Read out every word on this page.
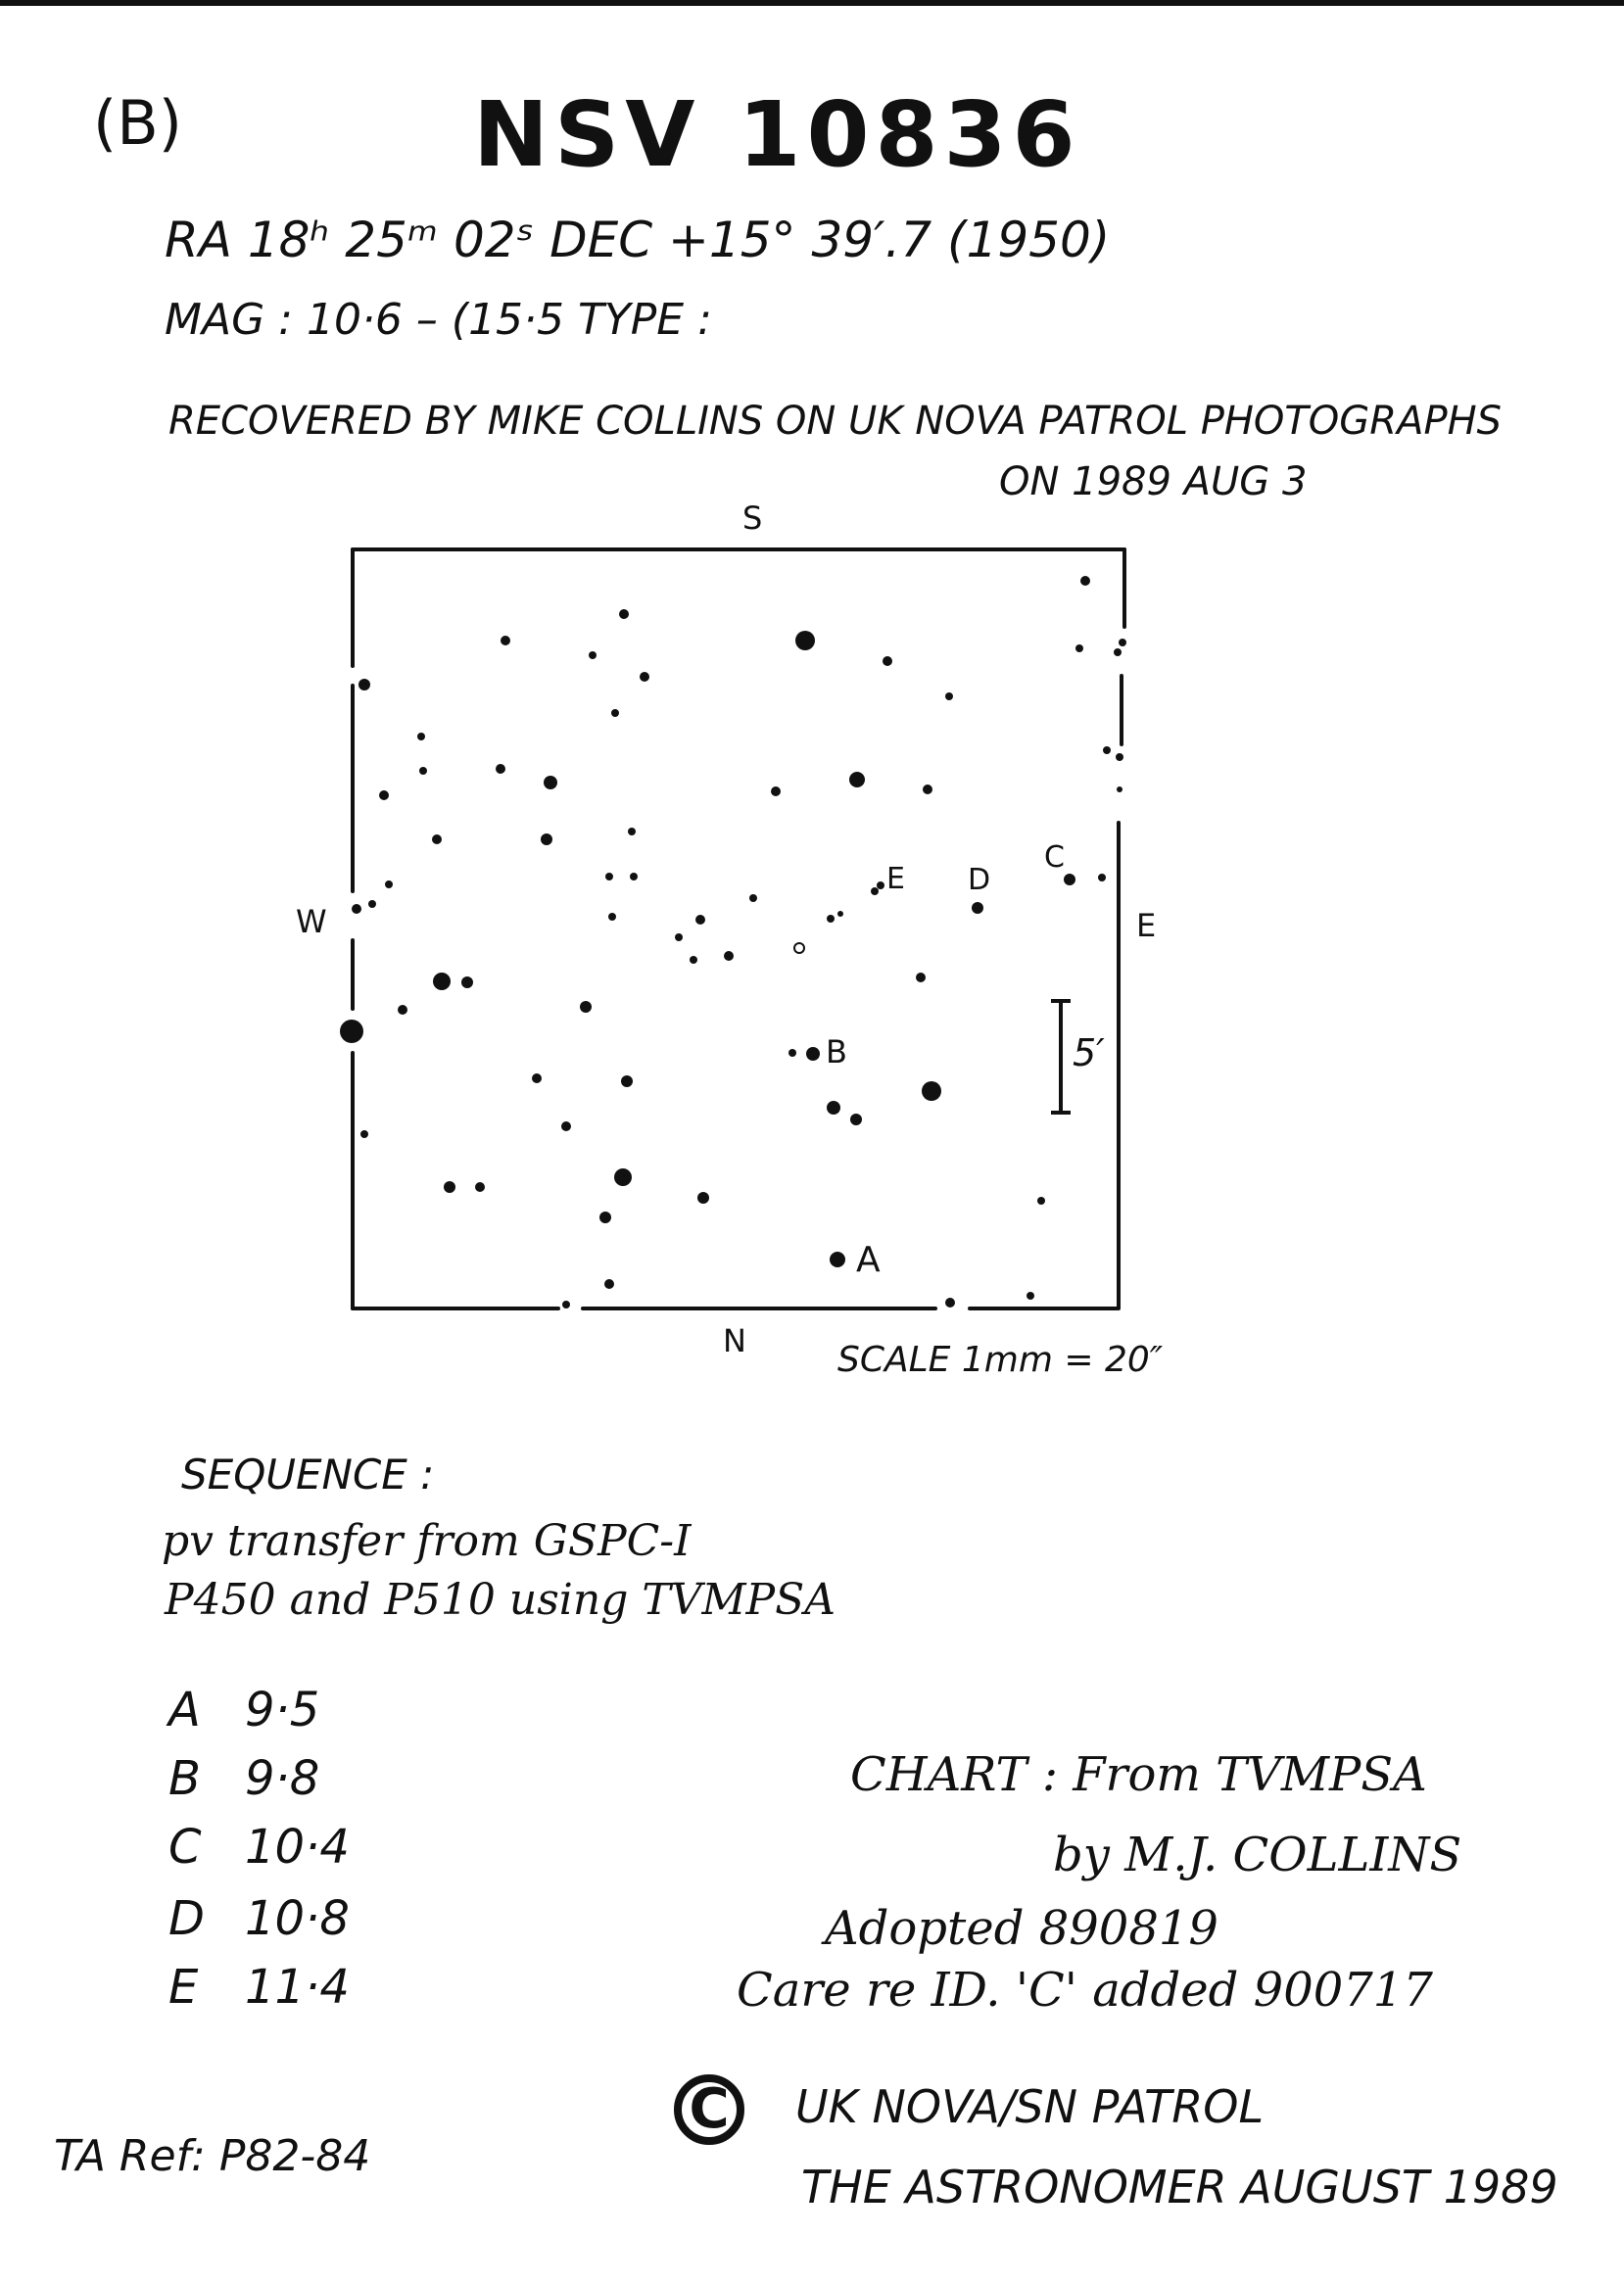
(B)	NSV 10836
RA 18ʰ 25ᵐ 02ˢ DEC +15° 39′.7 (1950)
MAG : 10·6 – (15·5 TYPE :
RECOVERED BY MIKE COLLINS ON UK NOVA PATROL PHOTOGRAPHS
ON 1989 AUG 3
S
N
W	E
5′
SCALE 1mm = 20″
A
B
C
D
E
SEQUENCE :
pv transfer from GSPC-I
P450 and P510 using TVMPSA
A 9·5
B 9·8
C 10·4
D 10·8
E 11·4
CHART : From TVMPSA
by M.J. COLLINS
Adopted 890819
Care re ID. 'C' added 900717
C	UK NOVA/SN PATROL
THE ASTRONOMER AUGUST 1989
TA Ref: P82-84
